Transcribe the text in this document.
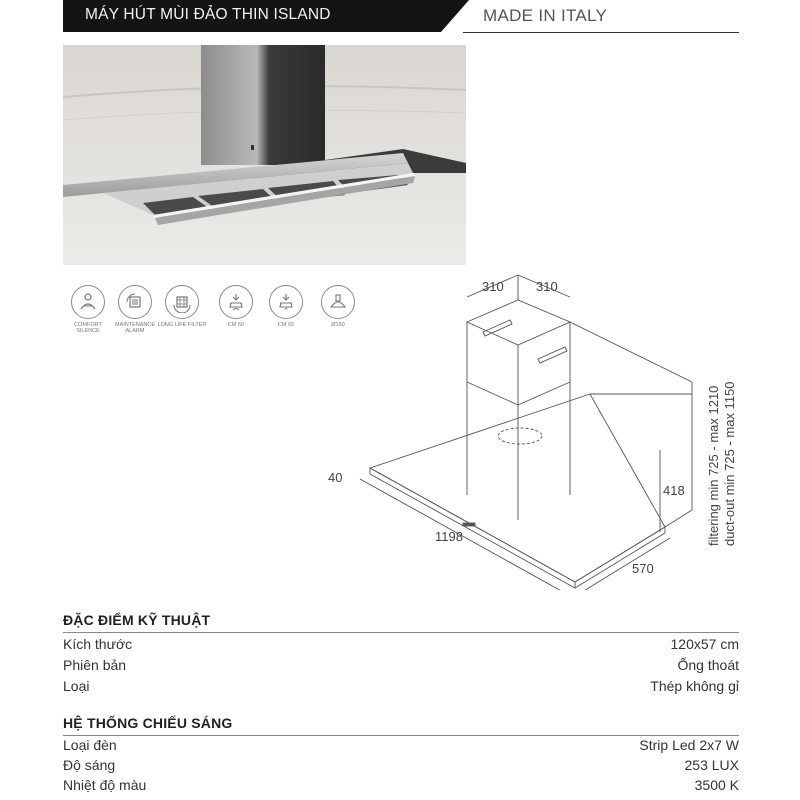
MÁY HÚT MÙI ĐẢO THIN ISLAND	MADE IN ITALY
COMFORT SILENCE
MAINTENANCE ALARM
LONG LIFE FILTER	CM 50	CM 65	Ø150
310 310
40
1198
570
418 filtering min 725 - max 1210 duct-out min 725 - max 1150
ĐẶC ĐIỂM KỸ THUẬT
Kích thước	120x57 cm
Phiên bản	Ống thoát
Loại	Thép không gỉ
HỆ THỐNG CHIẾU SÁNG
Loại đèn	Strip Led 2x7 W
Độ sáng	253 LUX
Nhiệt độ màu	3500 K
